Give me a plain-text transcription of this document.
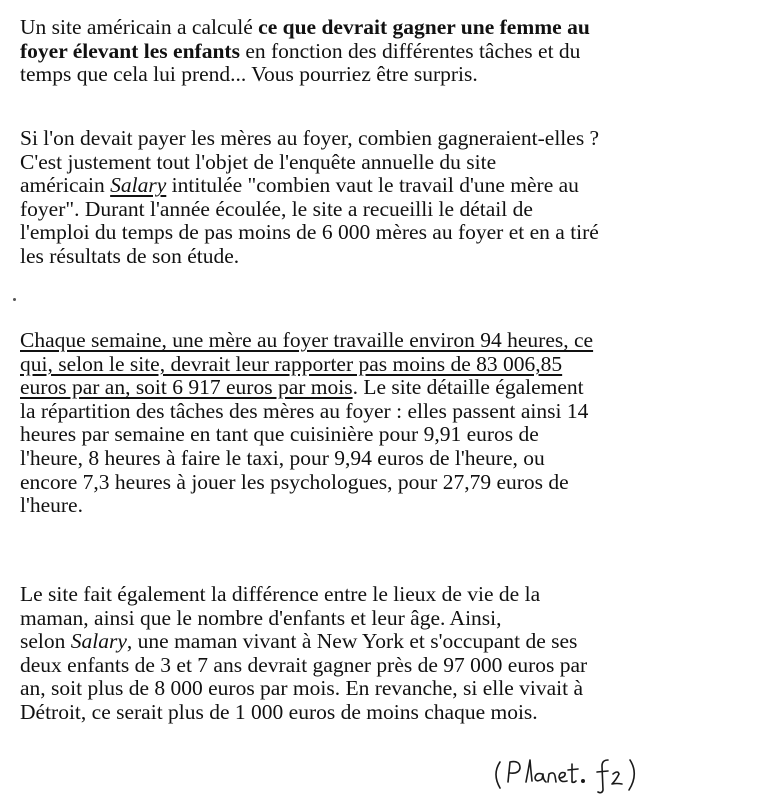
Un site américain a calculé ce que devrait gagner une femme au
foyer élevant les enfants en fonction des différentes tâches et du
temps que cela lui prend... Vous pourriez être surpris.

Si l'on devait payer les mères au foyer, combien gagneraient-elles ?
C'est justement tout l'objet de l'enquête annuelle du site
américain Salary intitulée "combien vaut le travail d'une mère au
foyer". Durant l'année écoulée, le site a recueilli le détail de
l'emploi du temps de pas moins de 6 000 mères au foyer et en a tiré
les résultats de son étude.

Chaque semaine, une mère au foyer travaille environ 94 heures, ce
qui, selon le site, devrait leur rapporter pas moins de 83 006,85
euros par an, soit 6 917 euros par mois. Le site détaille également
la répartition des tâches des mères au foyer : elles passent ainsi 14
heures par semaine en tant que cuisinière pour 9,91 euros de
l'heure, 8 heures à faire le taxi, pour 9,94 euros de l'heure, ou
encore 7,3 heures à jouer les psychologues, pour 27,79 euros de
l'heure.

Le site fait également la différence entre le lieux de vie de la
maman, ainsi que le nombre d'enfants et leur âge. Ainsi,
selon Salary, une maman vivant à New York et s'occupant de ses
deux enfants de 3 et 7 ans devrait gagner près de 97 000 euros par
an, soit plus de 8 000 euros par mois. En revanche, si elle vivait à
Détroit, ce serait plus de 1 000 euros de moins chaque mois.
